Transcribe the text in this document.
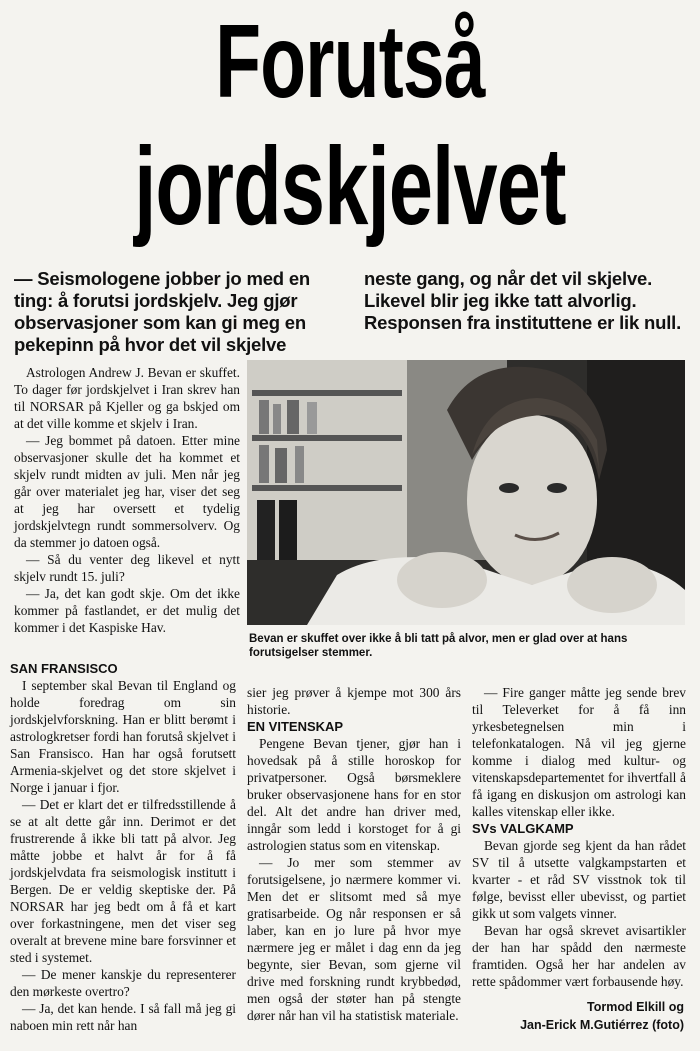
Forutså
jordskjelvet

— Seismologene jobber jo med en ting: å forutsi jordskjelv. Jeg gjør observasjoner som kan gi meg en pekepinn på hvor det vil skjelve

neste gang, og når det vil skjelve. Likevel blir jeg ikke tatt alvorlig. Responsen fra instituttene er lik null.

Astrologen Andrew J. Bevan er skuffet. To dager før jordskjelvet i Iran skrev han til NORSAR på Kjeller og ga bskjed om at det ville komme et skjelv i Iran.

— Jeg bommet på datoen. Etter mine observasjoner skulle det ha kommet et skjelv rundt midten av juli. Men når jeg går over materialet jeg har, viser det seg at jeg har oversett et tydelig jordskjelvtegn rundt sommersolverv. Og da stemmer jo datoen også.

— Så du venter deg likevel et nytt skjelv rundt 15. juli?

— Ja, det kan godt skje. Om det ikke kommer på fastlandet, er det mulig det kommer i det Kaspiske Hav.

Bevan er skuffet over ikke å bli tatt på alvor, men er glad over at hans forutsigelser stemmer.

SAN FRANSISCO

I september skal Bevan til England og holde foredrag om sin jordskjelvforskning. Han er blitt berømt i astrologkretser fordi han forutså skjelvet i San Fransisco. Han har også forutsett Armenia-skjelvet og det store skjelvet i Norge i januar i fjor.

— Det er klart det er tilfredsstillende å se at alt dette går inn. Derimot er det frustrerende å ikke bli tatt på alvor. Jeg måtte jobbe et halvt år for å få jordskjelvdata fra seismologisk institutt i Bergen. De er veldig skeptiske der. På NORSAR har jeg bedt om å få et kart over forkastningene, men det viser seg overalt at brevene mine bare forsvinner et sted i systemet.

— De mener kanskje du representerer den mørkeste overtro?

— Ja, det kan hende. I så fall må jeg gi naboen min rett når han

sier jeg prøver å kjempe mot 300 års historie.

EN VITENSKAP

Pengene Bevan tjener, gjør han i hovedsak på å stille horoskop for privatpersoner. Også børsmeklere bruker observasjonene hans for en stor del. Alt det andre han driver med, inngår som ledd i korstoget for å gi astrologien status som en vitenskap.

— Jo mer som stemmer av forutsigelsene, jo nærmere kommer vi. Men det er slitsomt med så mye gratisarbeide. Og når responsen er så laber, kan en jo lure på hvor mye nærmere jeg er målet i dag enn da jeg begynte, sier Bevan, som gjerne vil drive med forskning rundt krybbedød, men også der støter han på stengte dører når han vil ha statistisk materiale.

— Fire ganger måtte jeg sende brev til Televerket for å få inn yrkesbetegnelsen min i telefonkatalogen. Nå vil jeg gjerne komme i dialog med kultur- og vitenskapsdepartementet for ihvertfall å få igang en diskusjon om astrologi kan kalles vitenskap eller ikke.

SVs VALGKAMP

Bevan gjorde seg kjent da han rådet SV til å utsette valgkampstarten et kvarter - et råd SV visstnok tok til følge, bevisst eller ubevisst, og partiet gikk ut som valgets vinner.

Bevan har også skrevet avisartikler der han har spådd den nærmeste framtiden. Også her har andelen av rette spådommer vært forbausende høy.

Tormod Elkill og
Jan-Erick M.Gutiérrez (foto)
